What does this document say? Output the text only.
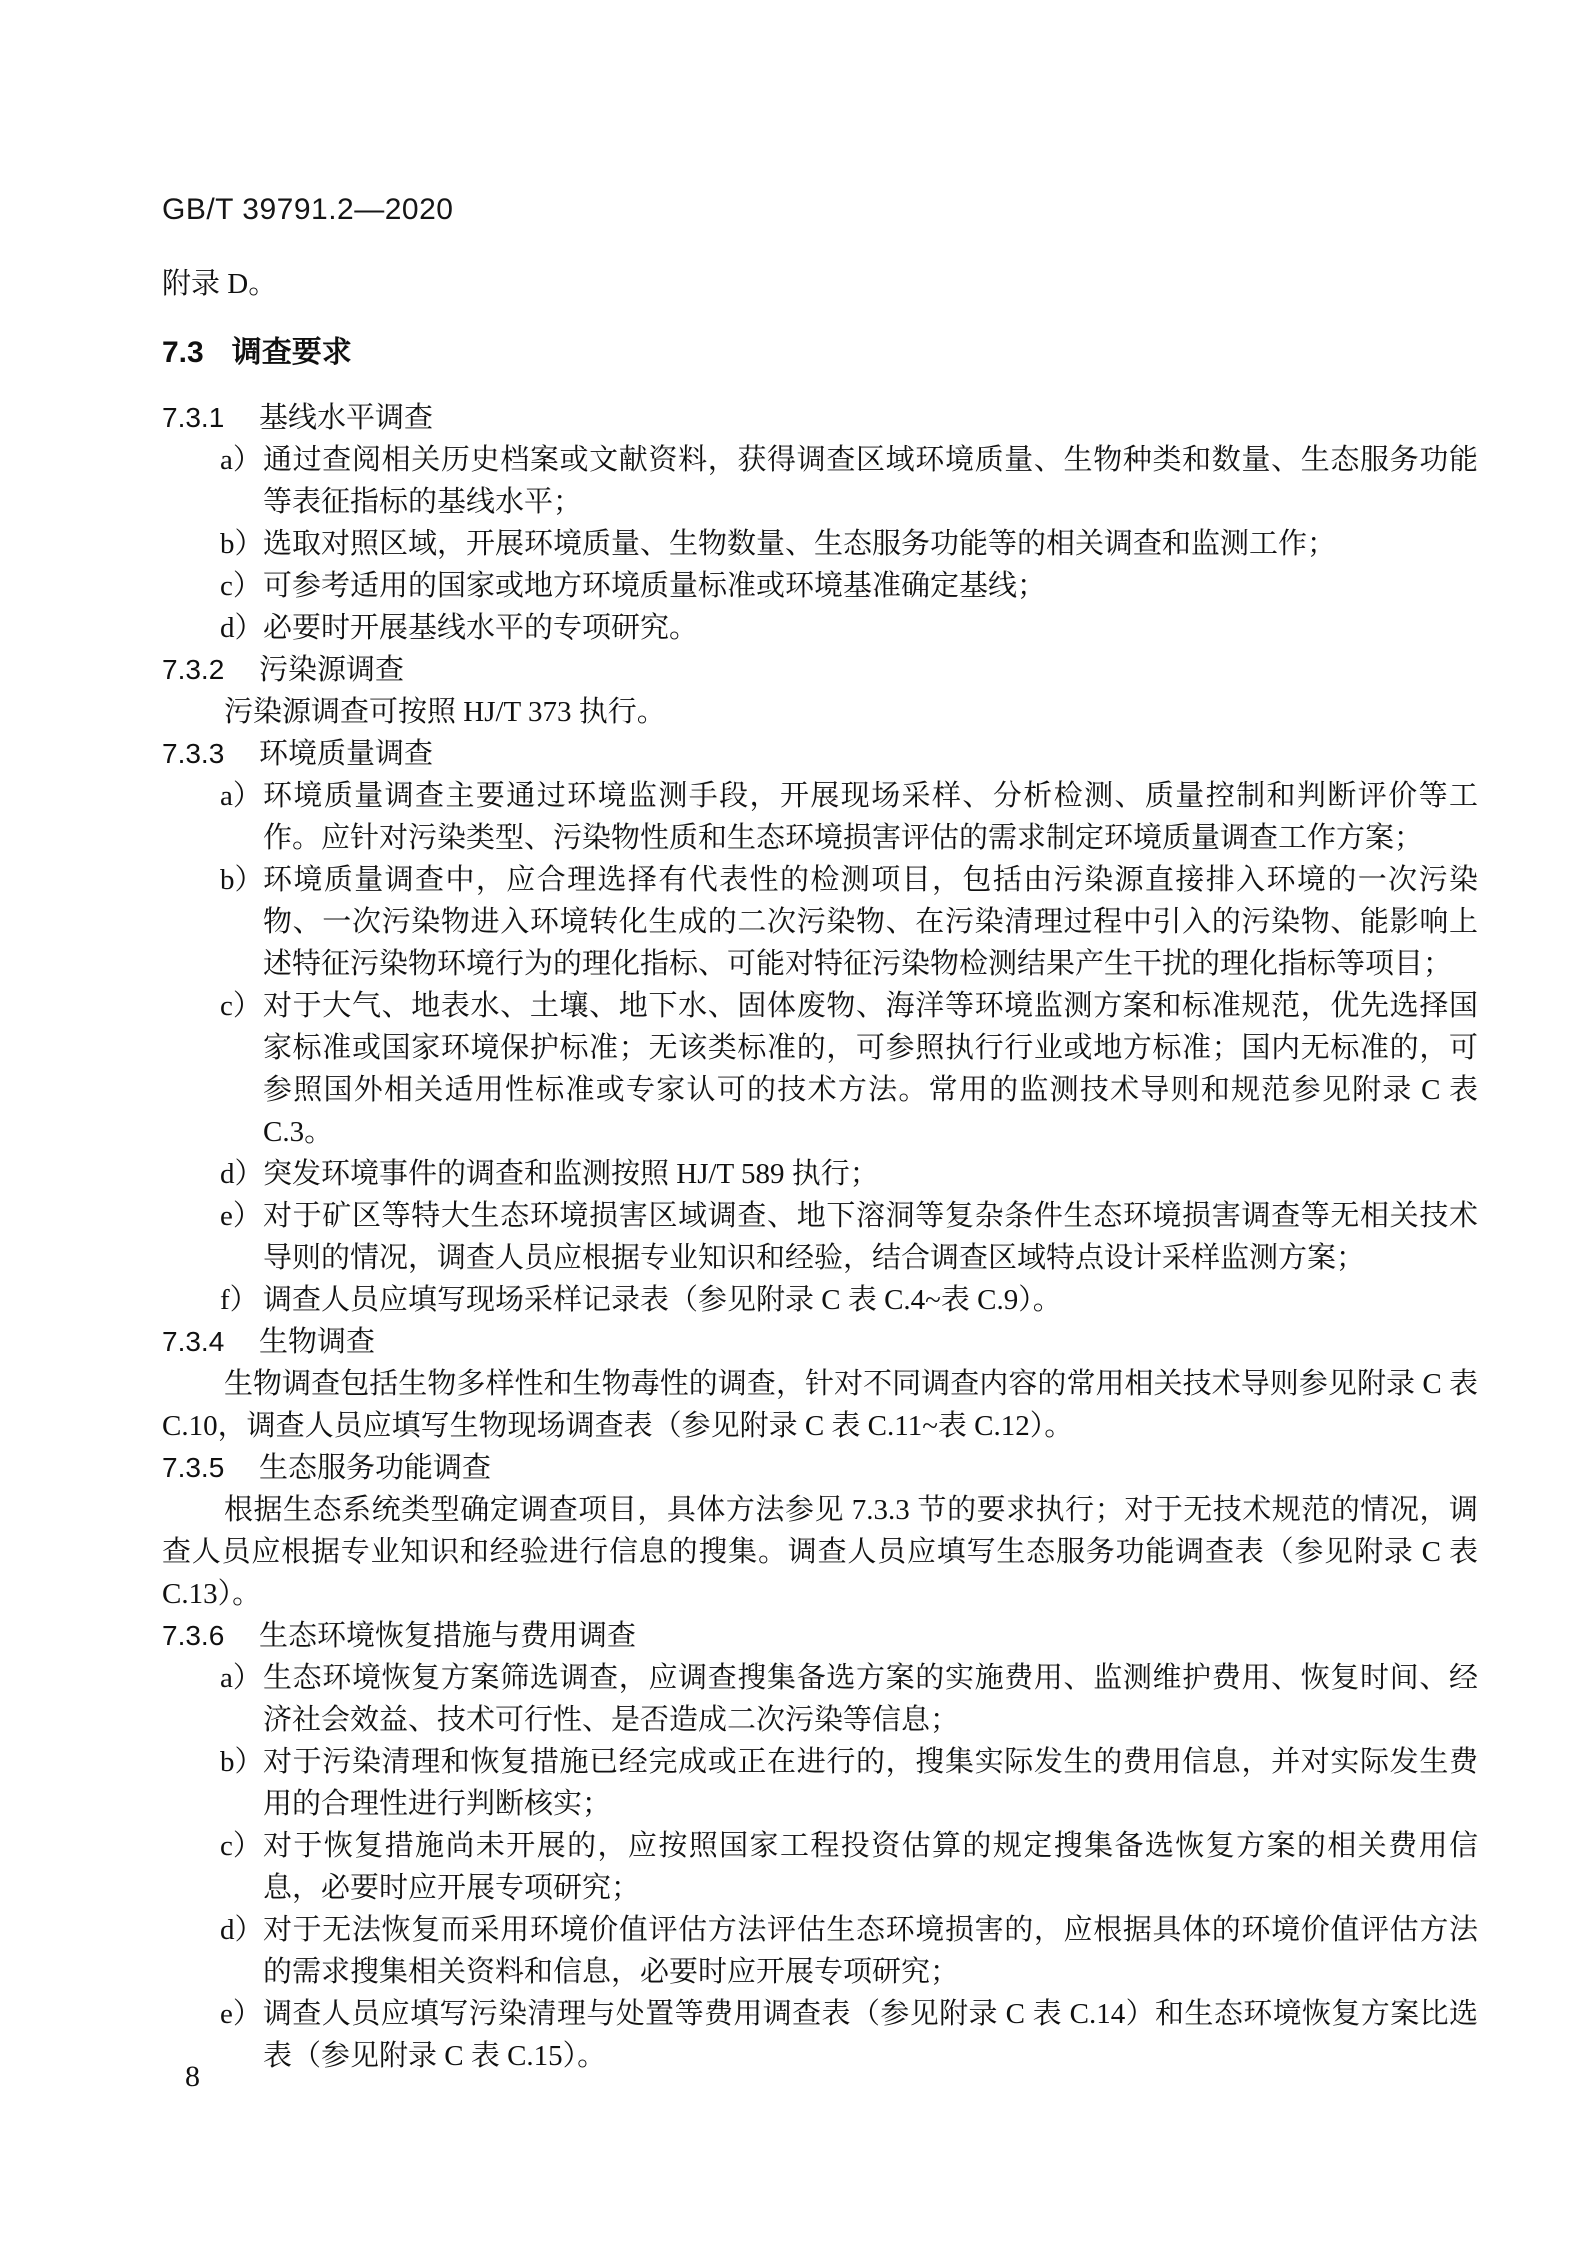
GB/T 39791.2—2020

附录 D。

7.3 调查要求
7.3.1 基线水平调查
a） 通过查阅相关历史档案或文献资料，获得调查区域环境质量、生物种类和数量、生态服务功能等表征指标的基线水平；
b） 选取对照区域，开展环境质量、生物数量、生态服务功能等的相关调查和监测工作；
c） 可参考适用的国家或地方环境质量标准或环境基准确定基线；
d） 必要时开展基线水平的专项研究。
7.3.2 污染源调查

污染源调查可按照 HJ/T 373 执行。

7.3.3 环境质量调查
a） 环境质量调查主要通过环境监测手段，开展现场采样、分析检测、质量控制和判断评价等工作。应针对污染类型、污染物性质和生态环境损害评估的需求制定环境质量调查工作方案；
b） 环境质量调查中，应合理选择有代表性的检测项目，包括由污染源直接排入环境的一次污染物、一次污染物进入环境转化生成的二次污染物、在污染清理过程中引入的污染物、能影响上述特征污染物环境行为的理化指标、可能对特征污染物检测结果产生干扰的理化指标等项目；
c） 对于大气、地表水、土壤、地下水、固体废物、海洋等环境监测方案和标准规范，优先选择国家标准或国家环境保护标准；无该类标准的，可参照执行行业或地方标准；国内无标准的，可参照国外相关适用性标准或专家认可的技术方法。常用的监测技术导则和规范参见附录 C 表 C.3。
d） 突发环境事件的调查和监测按照 HJ/T 589 执行；
e） 对于矿区等特大生态环境损害区域调查、地下溶洞等复杂条件生态环境损害调查等无相关技术导则的情况，调查人员应根据专业知识和经验，结合调查区域特点设计采样监测方案；
f） 调查人员应填写现场采样记录表（参见附录 C 表 C.4~表 C.9）。
7.3.4 生物调查

生物调查包括生物多样性和生物毒性的调查，针对不同调查内容的常用相关技术导则参见附录 C 表 C.10，调查人员应填写生物现场调查表（参见附录 C 表 C.11~表 C.12）。

7.3.5 生态服务功能调查

根据生态系统类型确定调查项目，具体方法参见 7.3.3 节的要求执行；对于无技术规范的情况，调查人员应根据专业知识和经验进行信息的搜集。调查人员应填写生态服务功能调查表（参见附录 C 表 C.13）。

7.3.6 生态环境恢复措施与费用调查
a） 生态环境恢复方案筛选调查，应调查搜集备选方案的实施费用、监测维护费用、恢复时间、经济社会效益、技术可行性、是否造成二次污染等信息；
b） 对于污染清理和恢复措施已经完成或正在进行的，搜集实际发生的费用信息，并对实际发生费用的合理性进行判断核实；
c） 对于恢复措施尚未开展的，应按照国家工程投资估算的规定搜集备选恢复方案的相关费用信息，必要时应开展专项研究；
d） 对于无法恢复而采用环境价值评估方法评估生态环境损害的，应根据具体的环境价值评估方法的需求搜集相关资料和信息，必要时应开展专项研究；
e） 调查人员应填写污染清理与处置等费用调查表（参见附录 C 表 C.14）和生态环境恢复方案比选表（参见附录 C 表 C.15）。
8
